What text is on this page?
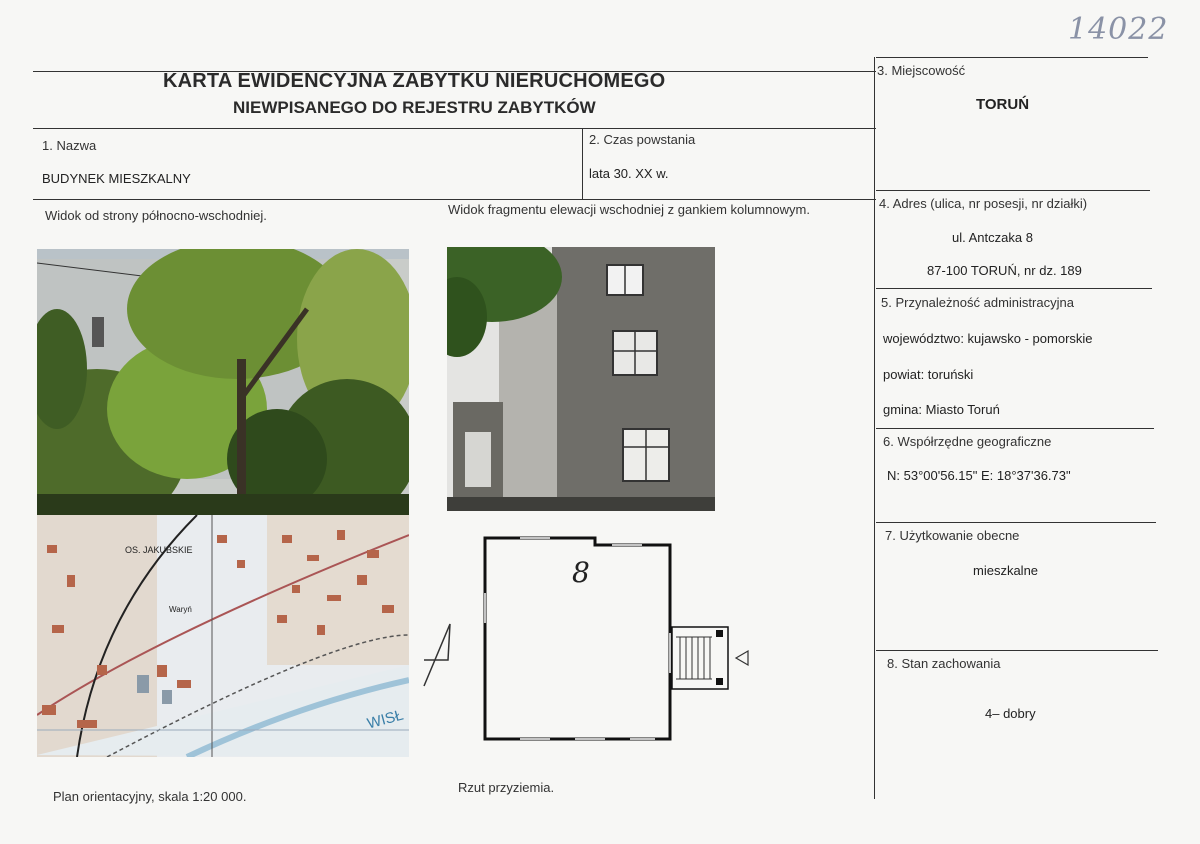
14022
KARTA EWIDENCYJNA ZABYTKU NIERUCHOMEGO
NIEWPISANEGO DO REJESTRU ZABYTKÓW
1. Nazwa
BUDYNEK MIESZKALNY
2. Czas powstania
lata 30. XX w.
3. Miejscowość
TORUŃ
4. Adres (ulica, nr posesji, nr działki)
ul. Antczaka 8
87-100 TORUŃ, nr dz. 189
5. Przynależność administracyjna
województwo: kujawsko - pomorskie
powiat: toruński
gmina: Miasto Toruń
6. Współrzędne geograficzne
N: 53°00'56.15" E: 18°37'36.73"
7. Użytkowanie obecne
mieszkalne
8. Stan zachowania
4– dobry
Widok od strony północno-wschodniej.	Widok fragmentu elewacji wschodniej z gankiem kolumnowym.
Plan orientacyjny, skala 1:20 000.
Rzut przyziemia.
OS. JAKUBSKIE
Waryń
WISŁ
8
